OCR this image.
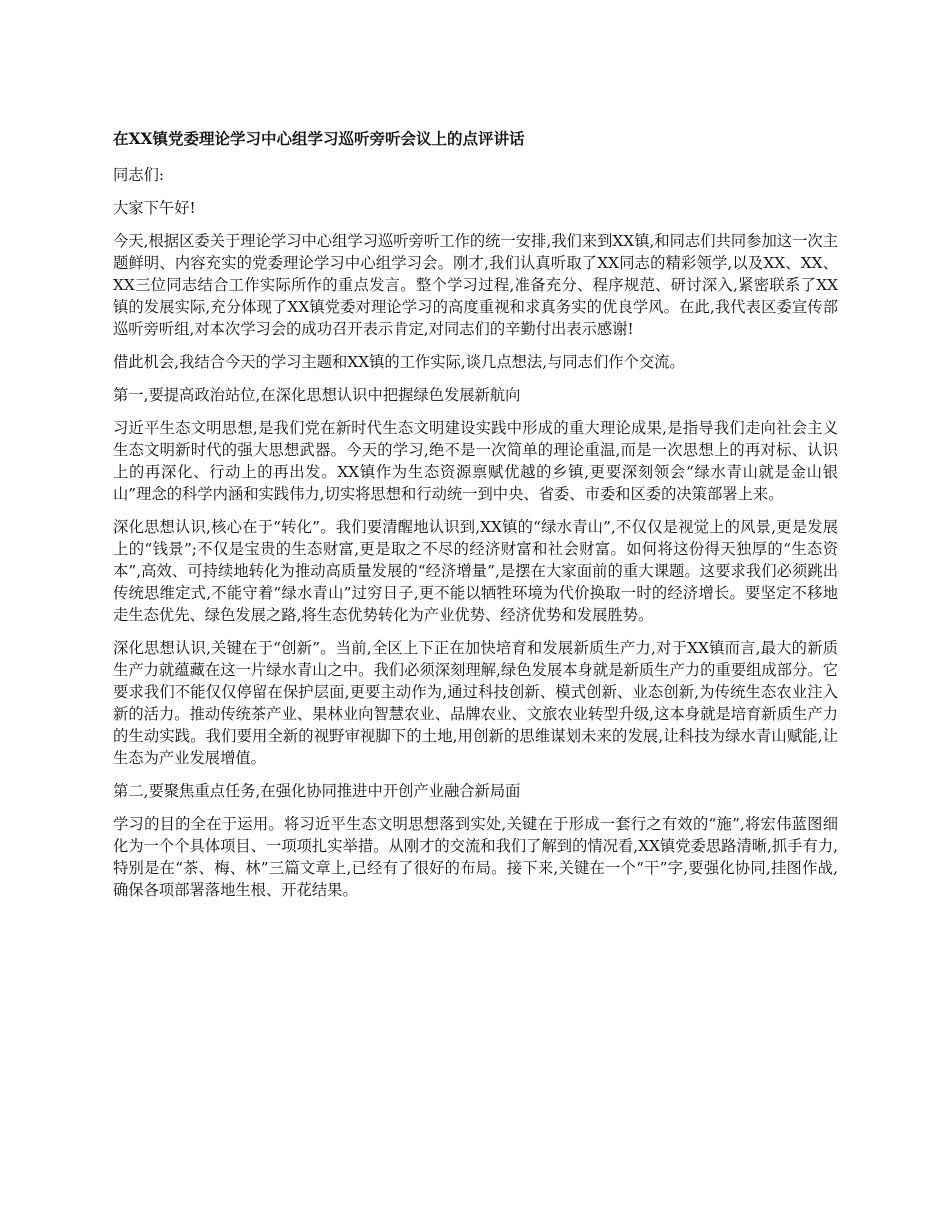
在XX镇党委理论学习中心组学习巡听旁听会议上的点评讲话

同志们:

大家下午好!

今天,根据区委关于理论学习中心组学习巡听旁听工作的统一安排,我们来到XX镇,和同志们共同参加这一次主题鲜明、内容充实的党委理论学习中心组学习会。刚才,我们认真听取了XX同志的精彩领学,以及XX、XX、XX三位同志结合工作实际所作的重点发言。整个学习过程,准备充分、程序规范、研讨深入,紧密联系了XX镇的发展实际,充分体现了XX镇党委对理论学习的高度重视和求真务实的优良学风。在此,我代表区委宣传部巡听旁听组,对本次学习会的成功召开表示肯定,对同志们的辛勤付出表示感谢!

借此机会,我结合今天的学习主题和XX镇的工作实际,谈几点想法,与同志们作个交流。

第一,要提高政治站位,在深化思想认识中把握绿色发展新航向

习近平生态文明思想,是我们党在新时代生态文明建设实践中形成的重大理论成果,是指导我们走向社会主义生态文明新时代的强大思想武器。今天的学习,绝不是一次简单的理论重温,而是一次思想上的再对标、认识上的再深化、行动上的再出发。XX镇作为生态资源禀赋优越的乡镇,更要深刻领会“绿水青山就是金山银山”理念的科学内涵和实践伟力,切实将思想和行动统一到中央、省委、市委和区委的决策部署上来。

深化思想认识,核心在于“转化”。我们要清醒地认识到,XX镇的“绿水青山”,不仅仅是视觉上的风景,更是发展上的“钱景”;不仅是宝贵的生态财富,更是取之不尽的经济财富和社会财富。如何将这份得天独厚的“生态资本”,高效、可持续地转化为推动高质量发展的“经济增量”,是摆在大家面前的重大课题。这要求我们必须跳出传统思维定式,不能守着“绿水青山”过穷日子,更不能以牺牲环境为代价换取一时的经济增长。要坚定不移地走生态优先、绿色发展之路,将生态优势转化为产业优势、经济优势和发展胜势。

深化思想认识,关键在于“创新”。当前,全区上下正在加快培育和发展新质生产力,对于XX镇而言,最大的新质生产力就蕴藏在这一片绿水青山之中。我们必须深刻理解,绿色发展本身就是新质生产力的重要组成部分。它要求我们不能仅仅停留在保护层面,更要主动作为,通过科技创新、模式创新、业态创新,为传统生态农业注入新的活力。推动传统茶产业、果林业向智慧农业、品牌农业、文旅农业转型升级,这本身就是培育新质生产力的生动实践。我们要用全新的视野审视脚下的土地,用创新的思维谋划未来的发展,让科技为绿水青山赋能,让生态为产业发展增值。

第二,要聚焦重点任务,在强化协同推进中开创产业融合新局面

学习的目的全在于运用。将习近平生态文明思想落到实处,关键在于形成一套行之有效的“施”,将宏伟蓝图细化为一个个具体项目、一项项扎实举措。从刚才的交流和我们了解到的情况看,XX镇党委思路清晰,抓手有力,特别是在“茶、梅、林”三篇文章上,已经有了很好的布局。接下来,关键在一个“干”字,要强化协同,挂图作战,确保各项部署落地生根、开花结果。
